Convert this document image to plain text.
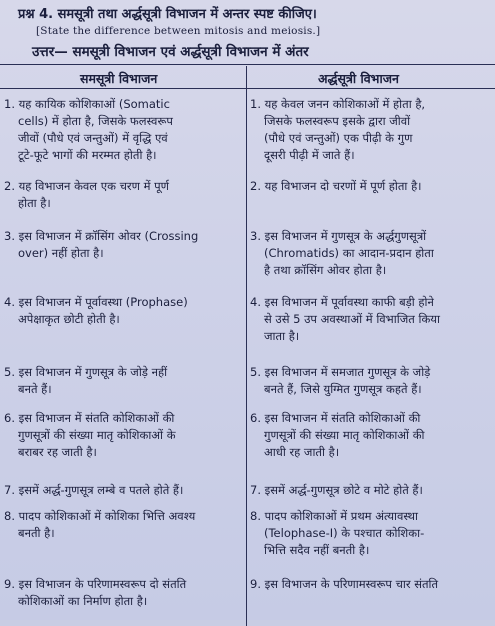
प्रश्न 4. समसूत्री तथा अर्द्धसूत्री विभाजन में अन्तर स्पष्ट कीजिए।
[State the difference between mitosis and meiosis.]
उत्तर— समसूत्री विभाजन एवं अर्द्धसूत्री विभाजन में अंतर
समसूत्री विभाजन	अर्द्धसूत्री विभाजन
1. यह कायिक कोशिकाओं (Somatic
cells) में होता है, जिसके फलस्वरूप
जीवों (पौधे एवं जन्तुओं) में वृद्धि एवं
टूटे-फूटे भागों की मरम्मत होती है।
1. यह केवल जनन कोशिकाओं में होता है,
जिसके फलस्वरूप इसके द्वारा जीवों
(पौधे एवं जन्तुओं) एक पीढ़ी के गुण
दूसरी पीढ़ी में जाते हैं।
2. यह विभाजन केवल एक चरण में पूर्ण
होता है।
2. यह विभाजन दो चरणों में पूर्ण होता है।
3. इस विभाजन में क्रॉसिंग ओवर (Crossing
over) नहीं होता है।
3. इस विभाजन में गुणसूत्र के अर्द्धगुणसूत्रों
(Chromatids) का आदान-प्रदान होता
है तथा क्रॉसिंग ओवर होता है।
4. इस विभाजन में पूर्वावस्था (Prophase)
अपेक्षाकृत छोटी होती है।
4. इस विभाजन में पूर्वावस्था काफी बड़ी होने
से उसे 5 उप अवस्थाओं में विभाजित किया
जाता है।
5. इस विभाजन में गुणसूत्र के जोड़े नहीं
बनते हैं।
5. इस विभाजन में समजात गुणसूत्र के जोड़े
बनते हैं, जिसे युग्मित गुणसूत्र कहते हैं।
6. इस विभाजन में संतति कोशिकाओं की
गुणसूत्रों की संख्या मातृ कोशिकाओं के
बराबर रह जाती है।
6. इस विभाजन में संतति कोशिकाओं की
गुणसूत्रों की संख्या मातृ कोशिकाओं की
आधी रह जाती है।
7. इसमें अर्द्ध-गुणसूत्र लम्बे व पतले होते हैं।	7. इसमें अर्द्ध-गुणसूत्र छोटे व मोटे होते हैं।
8. पादप कोशिकाओं में कोशिका भित्ति अवश्य
बनती है।
8. पादप कोशिकाओं में प्रथम अंत्यावस्था
(Telophase-I) के पश्चात कोशिका-
भित्ति सदैव नहीं बनती है।
9. इस विभाजन के परिणामस्वरूप दो संतति
कोशिकाओं का निर्माण होता है।
9. इस विभाजन के परिणामस्वरूप चार संतति
